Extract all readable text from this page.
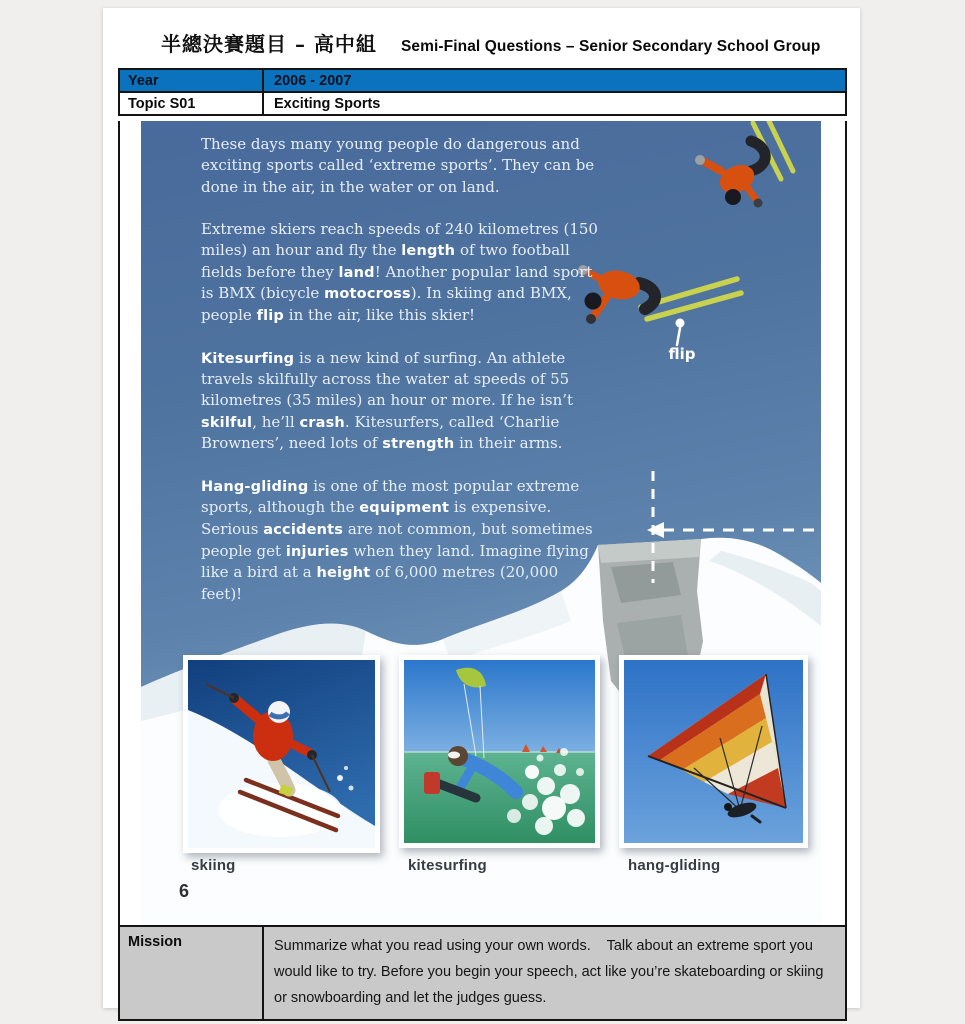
半總決賽題目 – 高中組 Semi-Final Questions – Senior Secondary School Group
Year	2006 - 2007
Topic S01	Exciting Sports

These days many young people do dangerous and exciting sports called ‘extreme sports’. They can be done in the air, in the water or on land.

Extreme skiers reach speeds of 240 kilometres (150 miles) an hour and fly the length of two football fields before they land! Another popular land sport is BMX (bicycle motocross). In skiing and BMX, people flip in the air, like this skier!

Kitesurfing is a new kind of surfing. An athlete travels skilfully across the water at speeds of 55 kilometres (35 miles) an hour or more. If he isn’t skilful, he’ll crash. Kitesurfers, called ‘Charlie Browners’, need lots of strength in their arms.

Hang-gliding is one of the most popular extreme sports, although the equipment is expensive. Serious accidents are not common, but sometimes people get injuries when they land. Imagine flying like a bird at a height of 6,000 metres (20,000 feet)!

flip
skiing	kitesurfing	hang-gliding
6
Mission	Summarize what you read using your own words.    Talk about an extreme sport you would like to try. Before you begin your speech, act like you’re skateboarding or skiing or snowboarding and let the judges guess.
